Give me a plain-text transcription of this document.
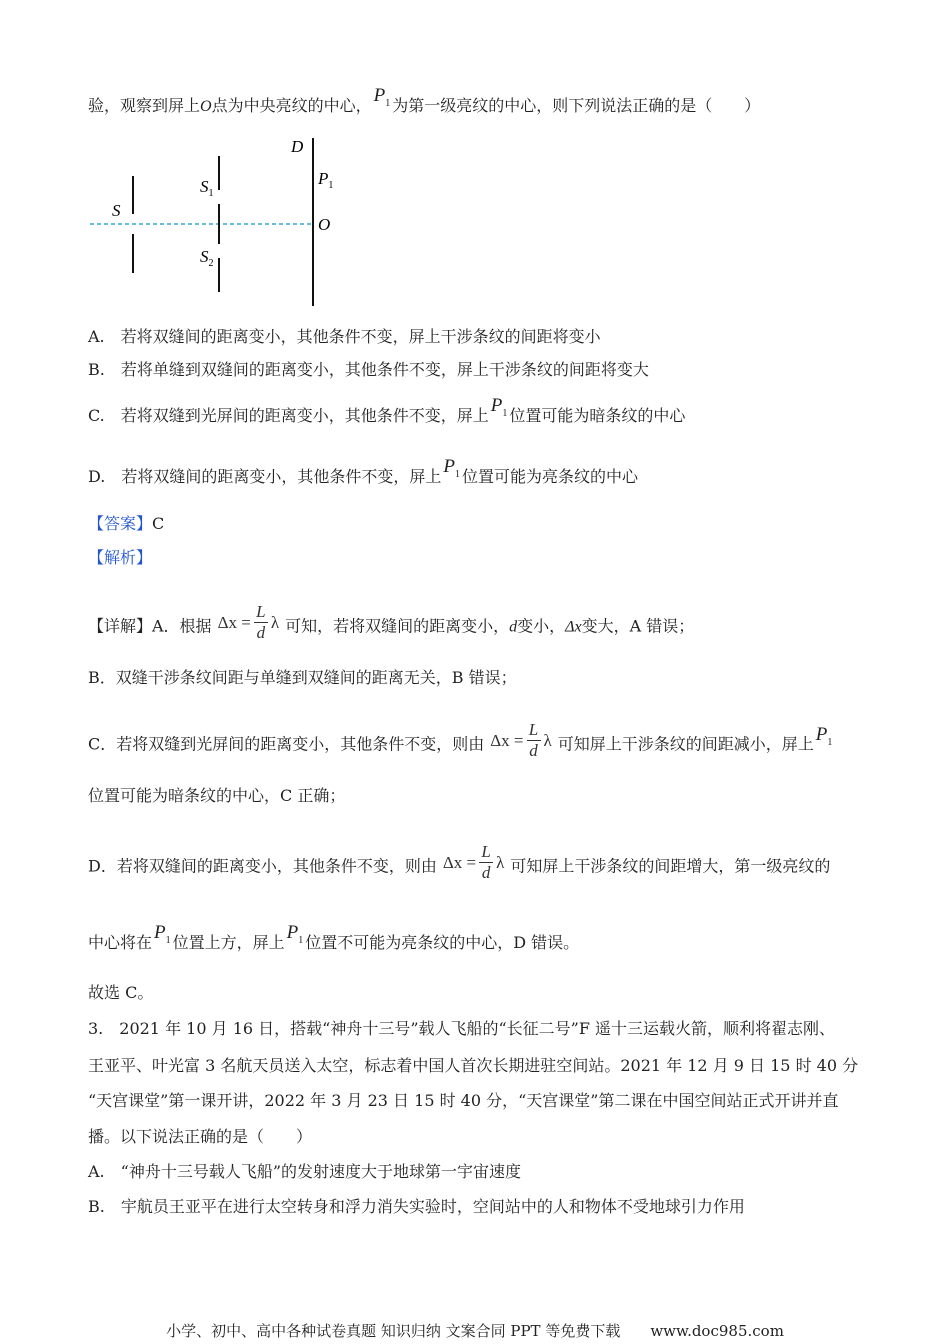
验，观察到屏上O点为中央亮纹的中心， $P_1$ 为第一级亮纹的中心，则下列说法正确的是（　　）
D
$P_1$
S
$S_1$
O
$S_2$
A.　若将双缝间的距离变小，其他条件不变，屏上干涉条纹的间距将变小
B.　若将单缝到双缝间的距离变小，其他条件不变，屏上干涉条纹的间距将变大
C.　若将双缝到光屏间的距离变小，其他条件不变，屏上 $P_1$ 位置可能为暗条纹的中心
D.　若将双缝间的距离变小，其他条件不变，屏上 $P_1$ 位置可能为亮条纹的中心
【答案】C
【解析】
【详解】A．根据 Δx =
L
d
λ 可知，若将双缝间的距离变小，d变小，Δx变大，A 错误；
B．双缝干涉条纹间距与单缝到双缝间的距离无关，B 错误；
C．若将双缝到光屏间的距离变小，其他条件不变，则由 Δx =
L
d
λ 可知屏上干涉条纹的间距减小，屏上 $P_1$
位置可能为暗条纹的中心，C 正确；
D．若将双缝间的距离变小，其他条件不变，则由 Δx =
L
d
λ 可知屏上干涉条纹的间距增大，第一级亮纹的
中心将在 $P_1$ 位置上方，屏上 $P_1$ 位置不可能为亮条纹的中心，D 错误。
故选 C。
3.　2021 年 10 月 16 日，搭载“神舟十三号”载人飞船的“长征二号”F 遥十三运载火箭，顺利将翟志刚、
王亚平、叶光富 3 名航天员送入太空，标志着中国人首次长期进驻空间站。2021 年 12 月 9 日 15 时 40 分
“天宫课堂”第一课开讲，2022 年 3 月 23 日 15 时 40 分，“天宫课堂”第二课在中国空间站正式开讲并直
播。以下说法正确的是（　　）
A.　“神舟十三号载人飞船”的发射速度大于地球第一宇宙速度
B.　宇航员王亚平在进行太空转身和浮力消失实验时，空间站中的人和物体不受地球引力作用
小学、初中、高中各种试卷真题 知识归纳 文案合同 PPT 等免费下载　　www.doc985.com
